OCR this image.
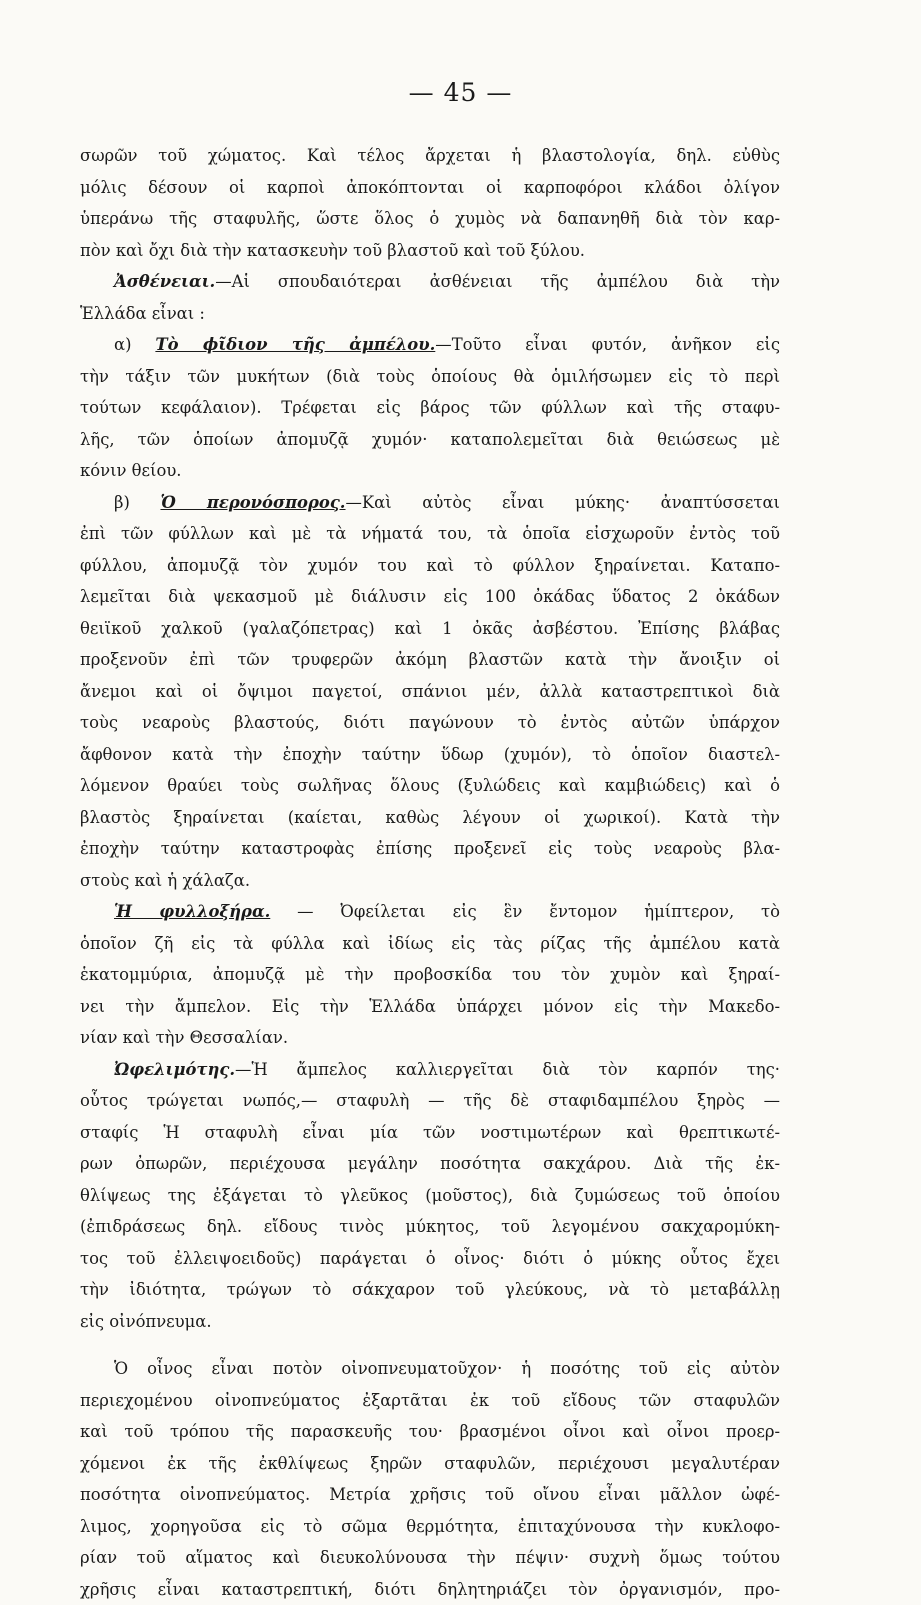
— 45 —
σωρῶν τοῦ χώματος. Καὶ τέλος ἄρχεται ἡ βλαστολογία, δηλ. εὐθὺς
μόλις δέσουν οἱ καρποὶ ἀποκόπτονται οἱ καρποφόροι κλάδοι ὀλίγον
ὑπεράνω τῆς σταφυλῆς, ὥστε ὅλος ὁ χυμὸς νὰ δαπανηθῆ διὰ τὸν καρ-
πὸν καὶ ὄχι διὰ τὴν κατασκευὴν τοῦ βλαστοῦ καὶ τοῦ ξύλου.
Ἀσθένειαι.—Αἱ σπουδαιότεραι ἀσθένειαι τῆς ἀμπέλου διὰ τὴν
Ἑλλάδα εἶναι :
α) Τὸ ϕῖδιον τῆς ἀμπέλου.—Τοῦτο εἶναι φυτόν, ἀνῆκον εἰς
τὴν τάξιν τῶν μυκήτων (διὰ τοὺς ὁποίους θὰ ὁμιλήσωμεν εἰς τὸ περὶ
τούτων κεφάλαιον). Τρέφεται εἰς βάρος τῶν φύλλων καὶ τῆς σταφυ-
λῆς, τῶν ὁποίων ἀπομυζᾷ χυμόν· καταπολεμεῖται διὰ θειώσεως μὲ
κόνιν θείου.
β) Ὁ περονόσπορος.—Καὶ αὐτὸς εἶναι μύκης· ἀναπτύσσεται
ἐπὶ τῶν φύλλων καὶ μὲ τὰ νήματά του, τὰ ὁποῖα εἰσχωροῦν ἐντὸς τοῦ
φύλλου, ἀπομυζᾷ τὸν χυμόν του καὶ τὸ φύλλον ξηραίνεται. Καταπο-
λεμεῖται διὰ ψεκασμοῦ μὲ διάλυσιν εἰς 100 ὀκάδας ὕδατος 2 ὀκάδων
θειϊκοῦ χαλκοῦ (γαλαζόπετρας) καὶ 1 ὀκᾶς ἀσβέστου. Ἐπίσης βλάβας
προξενοῦν ἐπὶ τῶν τρυφερῶν ἀκόμη βλαστῶν κατὰ τὴν ἄνοιξιν οἱ
ἄνεμοι καὶ οἱ ὄψιμοι παγετοί, σπάνιοι μέν, ἀλλὰ καταστρεπτικοὶ διὰ
τοὺς νεαροὺς βλαστούς, διότι παγώνουν τὸ ἐντὸς αὐτῶν ὑπάρχον
ἄφθονον κατὰ τὴν ἐποχὴν ταύτην ὕδωρ (χυμόν), τὸ ὁποῖον διαστελ-
λόμενον θραύει τοὺς σωλῆνας ὅλους (ξυλώδεις καὶ καμβιώδεις) καὶ ὁ
βλαστὸς ξηραίνεται (καίεται, καθὼς λέγουν οἱ χωρικοί). Κατὰ τὴν
ἐποχὴν ταύτην καταστροφὰς ἐπίσης προξενεῖ εἰς τοὺς νεαροὺς βλα-
στοὺς καὶ ἡ χάλαζα.
Ἡ φυλλοξήρα. — Ὀφείλεται εἰς ἓν ἔντομον ἡμίπτερον, τὸ
ὁποῖον ζῆ εἰς τὰ φύλλα καὶ ἰδίως εἰς τὰς ρίζας τῆς ἀμπέλου κατὰ
ἑκατομμύρια, ἀπομυζᾷ μὲ τὴν προβοσκίδα του τὸν χυμὸν καὶ ξηραί-
νει τὴν ἄμπελον. Εἰς τὴν Ἑλλάδα ὑπάρχει μόνον εἰς τὴν Μακεδο-
νίαν καὶ τὴν Θεσσαλίαν.
Ὠφελιμότης.—Ἡ ἄμπελος καλλιεργεῖται διὰ τὸν καρπόν της·
οὗτος τρώγεται νωπός,— σταφυλὴ — τῆς δὲ σταφιδαμπέλου ξηρὸς —
σταφίς Ἡ σταφυλὴ εἶναι μία τῶν νοστιμωτέρων καὶ θρεπτικωτέ-
ρων ὀπωρῶν, περιέχουσα μεγάλην ποσότητα σακχάρου. Διὰ τῆς ἐκ-
θλίψεως της ἐξάγεται τὸ γλεῦκος (μοῦστος), διὰ ζυμώσεως τοῦ ὁποίου
(ἐπιδράσεως δηλ. εἴδους τινὸς μύκητος, τοῦ λεγομένου σακχαρομύκη-
τος τοῦ ἐλλειψοειδοῦς) παράγεται ὁ οἶνος· διότι ὁ μύκης οὗτος ἔχει
τὴν ἰδιότητα, τρώγων τὸ σάκχαρον τοῦ γλεύκους, νὰ τὸ μεταβάλλῃ
εἰς οἰνόπνευμα.
Ὁ οἶνος εἶναι ποτὸν οἰνοπνευματοῦχον· ἡ ποσότης τοῦ εἰς αὐτὸν
περιεχομένου οἰνοπνεύματος ἐξαρτᾶται ἐκ τοῦ εἴδους τῶν σταφυλῶν
καὶ τοῦ τρόπου τῆς παρασκευῆς του· βρασμένοι οἶνοι καὶ οἶνοι προερ-
χόμενοι ἐκ τῆς ἐκθλίψεως ξηρῶν σταφυλῶν, περιέχουσι μεγαλυτέραν
ποσότητα οἰνοπνεύματος. Μετρία χρῆσις τοῦ οἴνου εἶναι μᾶλλον ὠφέ-
λιμος, χορηγοῦσα εἰς τὸ σῶμα θερμότητα, ἐπιταχύνουσα τὴν κυκλοφο-
ρίαν τοῦ αἵματος καὶ διευκολύνουσα τὴν πέψιν· συχνὴ ὅμως τούτου
χρῆσις εἶναι καταστρεπτική, διότι δηλητηριάζει τὸν ὀργανισμόν, προ-
